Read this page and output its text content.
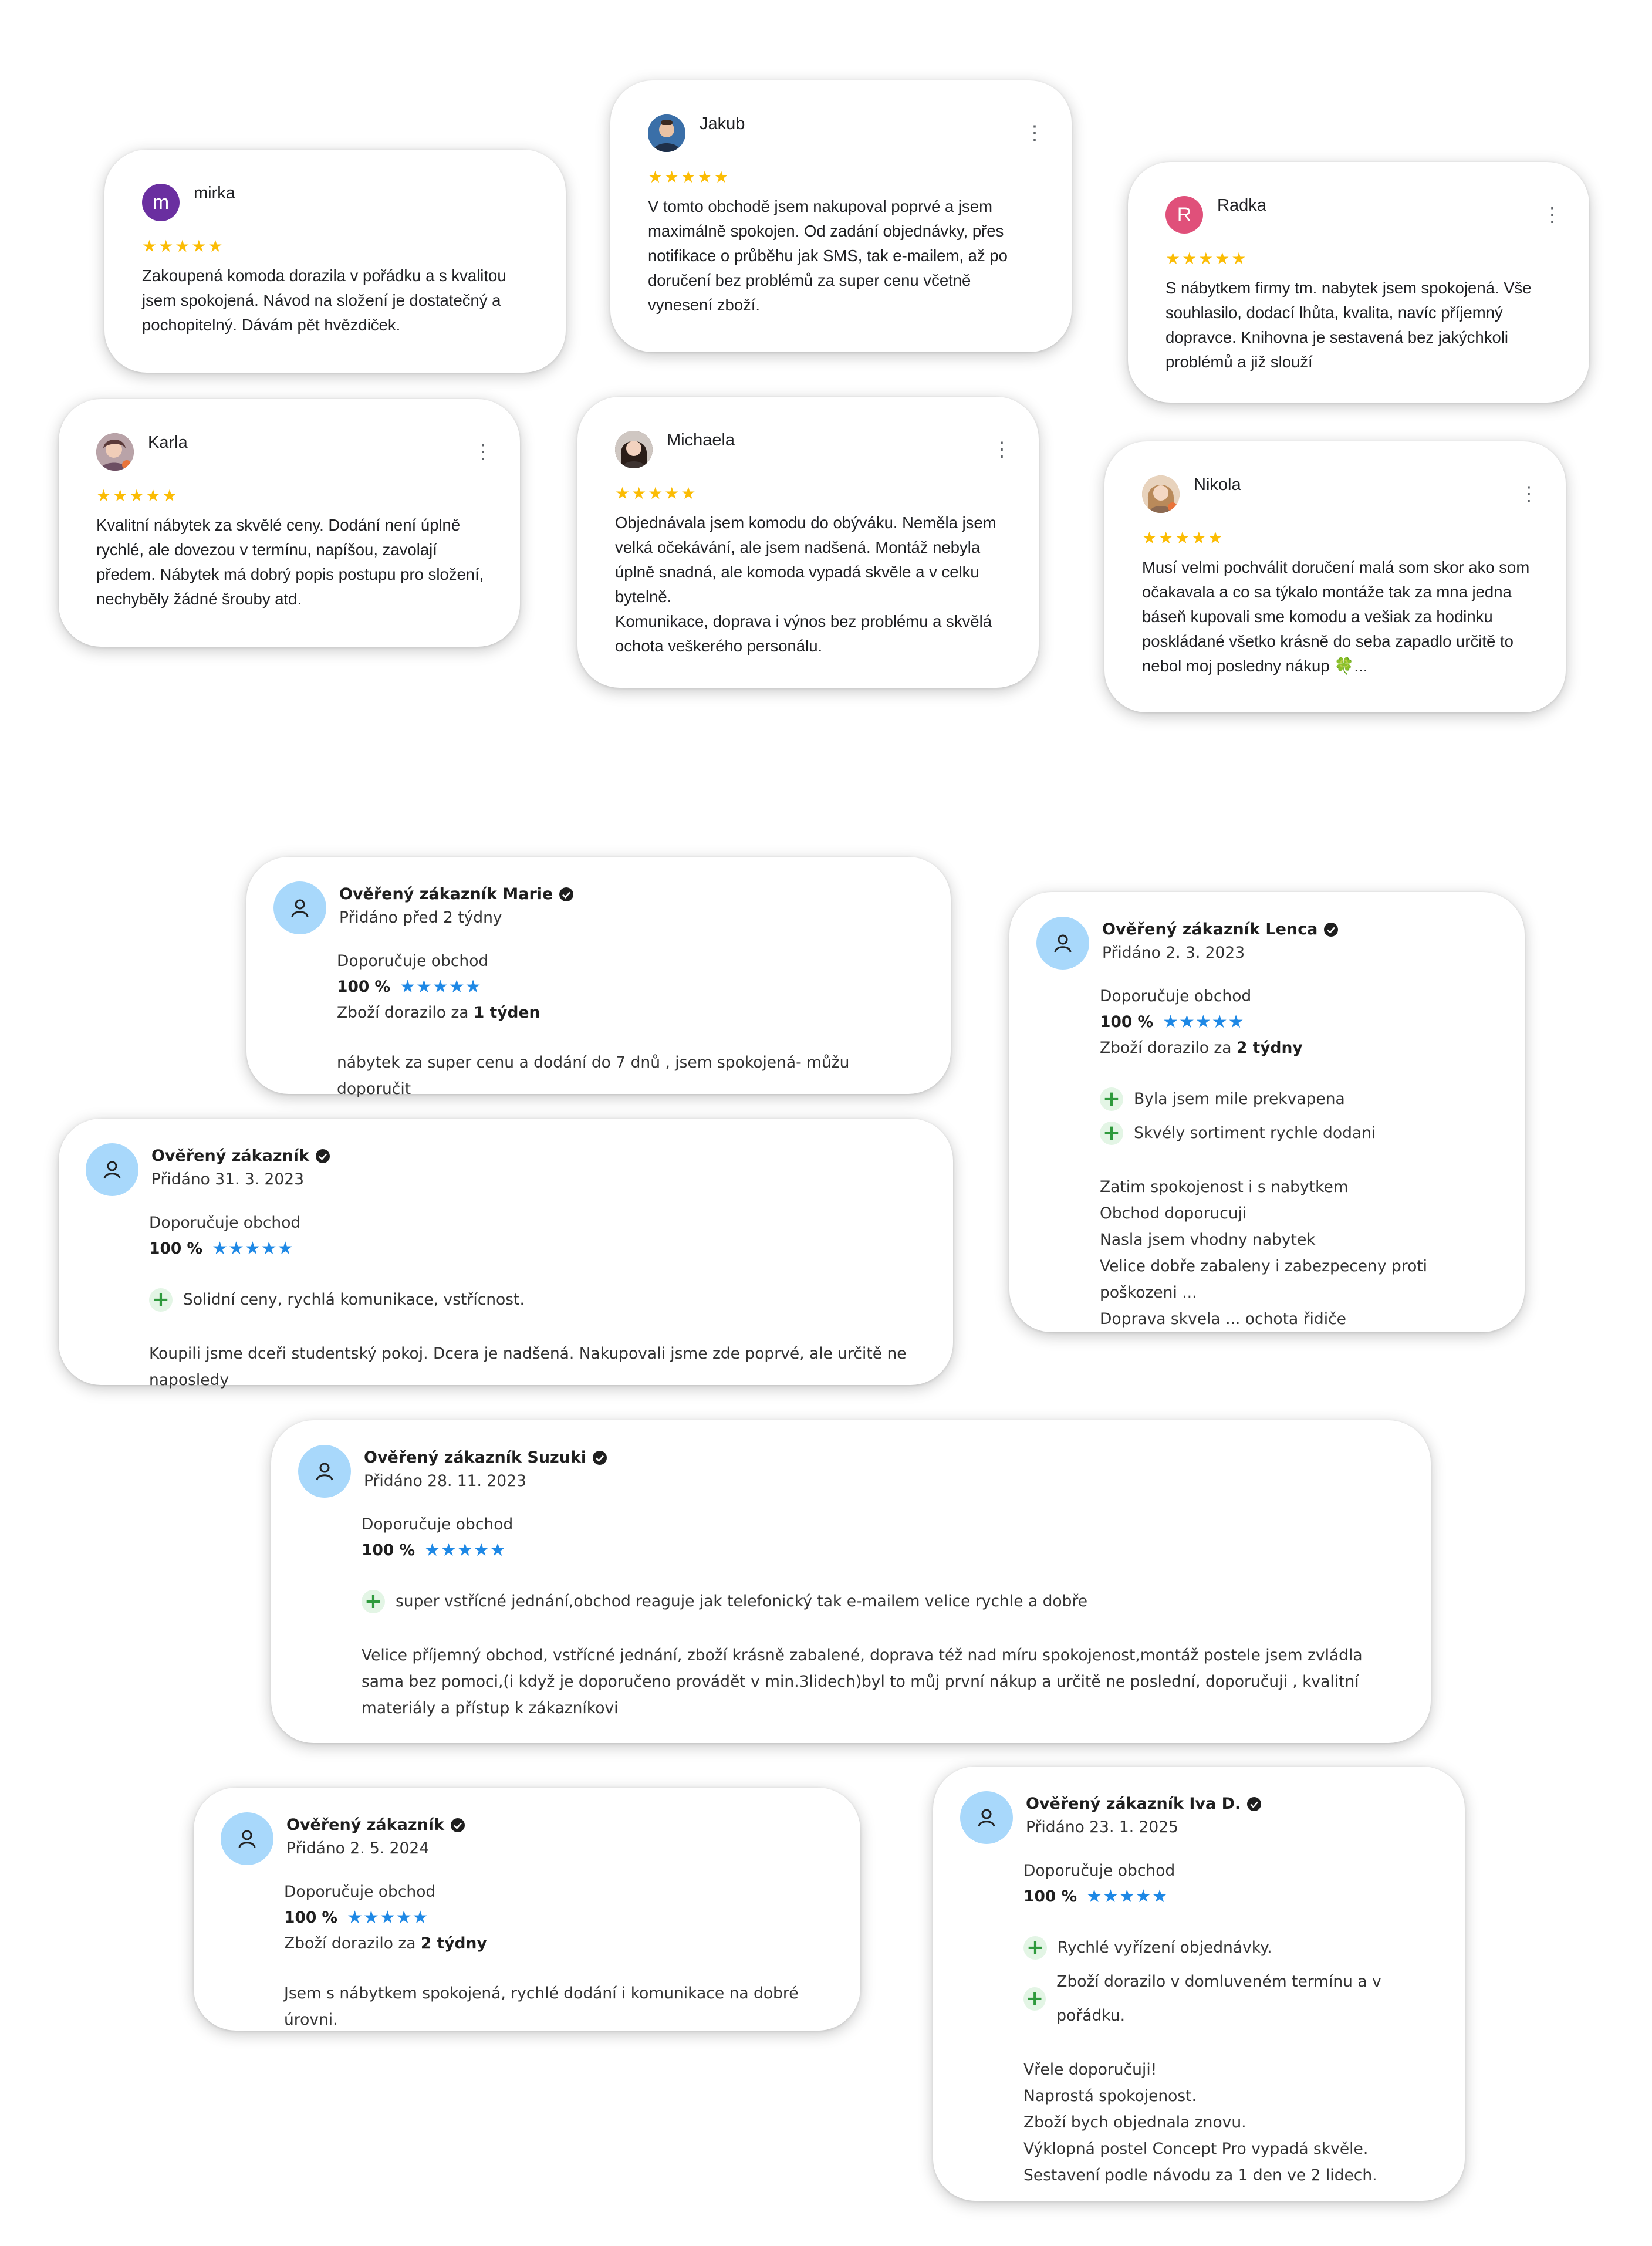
m mirka
★★★★★
Zakoupená komoda dorazila v pořádku a s kvalitou jsem spokojená. Návod na složení je dostatečný a pochopitelný. Dávám pět hvězdiček.
Jakub	⋮
★★★★★
V tomto obchodě jsem nakupoval poprvé a jsem maximálně spokojen. Od zadání objednávky, přes notifikace o průběhu jak SMS, tak e-mailem, až po doručení bez problémů za super cenu včetně vynesení zboží.
R Radka	⋮
★★★★★
S nábytkem firmy tm. nabytek jsem spokojená. Vše souhlasilo, dodací lhůta, kvalita, navíc příjemný dopravce. Knihovna je sestavená bez jakýchkoli problémů a již slouží
Karla	⋮
★★★★★
Kvalitní nábytek za skvělé ceny. Dodání není úplně rychlé, ale dovezou v termínu, napíšou, zavolají předem. Nábytek má dobrý popis postupu pro složení, nechyběly žádné šrouby atd.
Michaela	⋮
★★★★★
Objednávala jsem komodu do obýváku. Neměla jsem velká očekávání, ale jsem nadšená. Montáž nebyla úplně snadná, ale komoda vypadá skvěle a v celku bytelně.
Komunikace, doprava i výnos bez problému a skvělá ochota veškerého personálu.
Nikola	⋮
★★★★★
Musí velmi pochválit doručení malá som skor ako som očakavala a co sa týkalo montáže tak za mna jedna báseň kupovali sme komodu a vešiak za hodinku poskládané všetko krásně do seba zapadlo určitě to nebol moj posledny nákup 🍀...
Ověřený zákazník Marie
Přidáno před 2 týdny
Doporučuje obchod
100 % ★★★★★
Zboží dorazilo za 1 týden
nábytek za super cenu a dodání do 7 dnů , jsem spokojená- můžu doporučit
Ověřený zákazník Lenca
Přidáno 2. 3. 2023
Doporučuje obchod
100 % ★★★★★
Zboží dorazilo za 2 týdny
+ Byla jsem mile prekvapena
+ Skvély sortiment rychle dodani
Zatim spokojenost i s nabytkem
Obchod doporucuji
Nasla jsem vhodny nabytek
Velice dobře zabaleny i zabezpeceny proti poškozeni ...
Doprava skvela ... ochota řidiče
Ověřený zákazník
Přidáno 31. 3. 2023
Doporučuje obchod
100 % ★★★★★
+ Solidní ceny, rychlá komunikace, vstřícnost.
Koupili jsme dceři studentský pokoj. Dcera je nadšená. Nakupovali jsme zde poprvé, ale určitě ne naposledy
Ověřený zákazník Suzuki
Přidáno 28. 11. 2023
Doporučuje obchod
100 % ★★★★★
+ super vstřícné jednání,obchod reaguje jak telefonický tak e-mailem velice rychle a dobře
Velice příjemný obchod, vstřícné jednání, zboží krásně zabalené, doprava též nad míru spokojenost,montáž postele jsem zvládla sama bez pomoci,(i když je doporučeno provádět v min.3lidech)byl to můj první nákup a určitě ne poslední, doporučuji , kvalitní materiály a přístup k zákazníkovi
Ověřený zákazník
Přidáno 2. 5. 2024
Doporučuje obchod
100 % ★★★★★
Zboží dorazilo za 2 týdny
Jsem s nábytkem spokojená, rychlé dodání i komunikace na dobré úrovni.
Ověřený zákazník Iva D.
Přidáno 23. 1. 2025
Doporučuje obchod
100 % ★★★★★
+ Rychlé vyřízení objednávky.
+
Zboží dorazilo v domluveném termínu a v pořádku.
Vřele doporučuji!
Naprostá spokojenost.
Zboží bych objednala znovu.
Výklopná postel Concept Pro vypadá skvěle.
Sestavení podle návodu za 1 den ve 2 lidech.
